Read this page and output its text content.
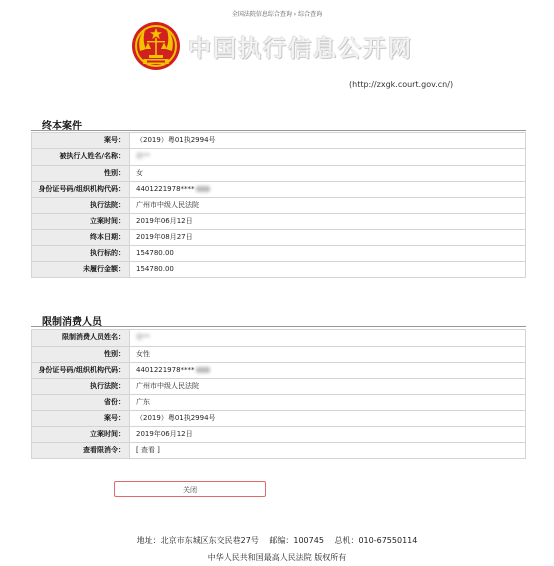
全国法院信息综合查询 › 综合查询
中国执行信息公开网
(http://zxgk.court.gov.cn/)
终本案件
案号：	（2019）粤01执2994号
被执行人姓名/名称：	徐**
性别：	女
身份证号码/组织机构代码：	4401221978****
执行法院：	广州市中级人民法院
立案时间：	2019年06月12日
终本日期：	2019年08月27日
执行标的：	154780.00
未履行金额：	154780.00
限制消费人员
限制消费人员姓名：	徐**
性别：	女性
身份证号码/组织机构代码：	4401221978****
执行法院：	广州市中级人民法院
省份：	广东
案号：	（2019）粤01执2994号
立案时间：	2019年06月12日
查看限消令：	[ 查看 ]
关闭
地址：北京市东城区东交民巷27号　 邮编：100745　 总机：010-67550114
中华人民共和国最高人民法院 版权所有
